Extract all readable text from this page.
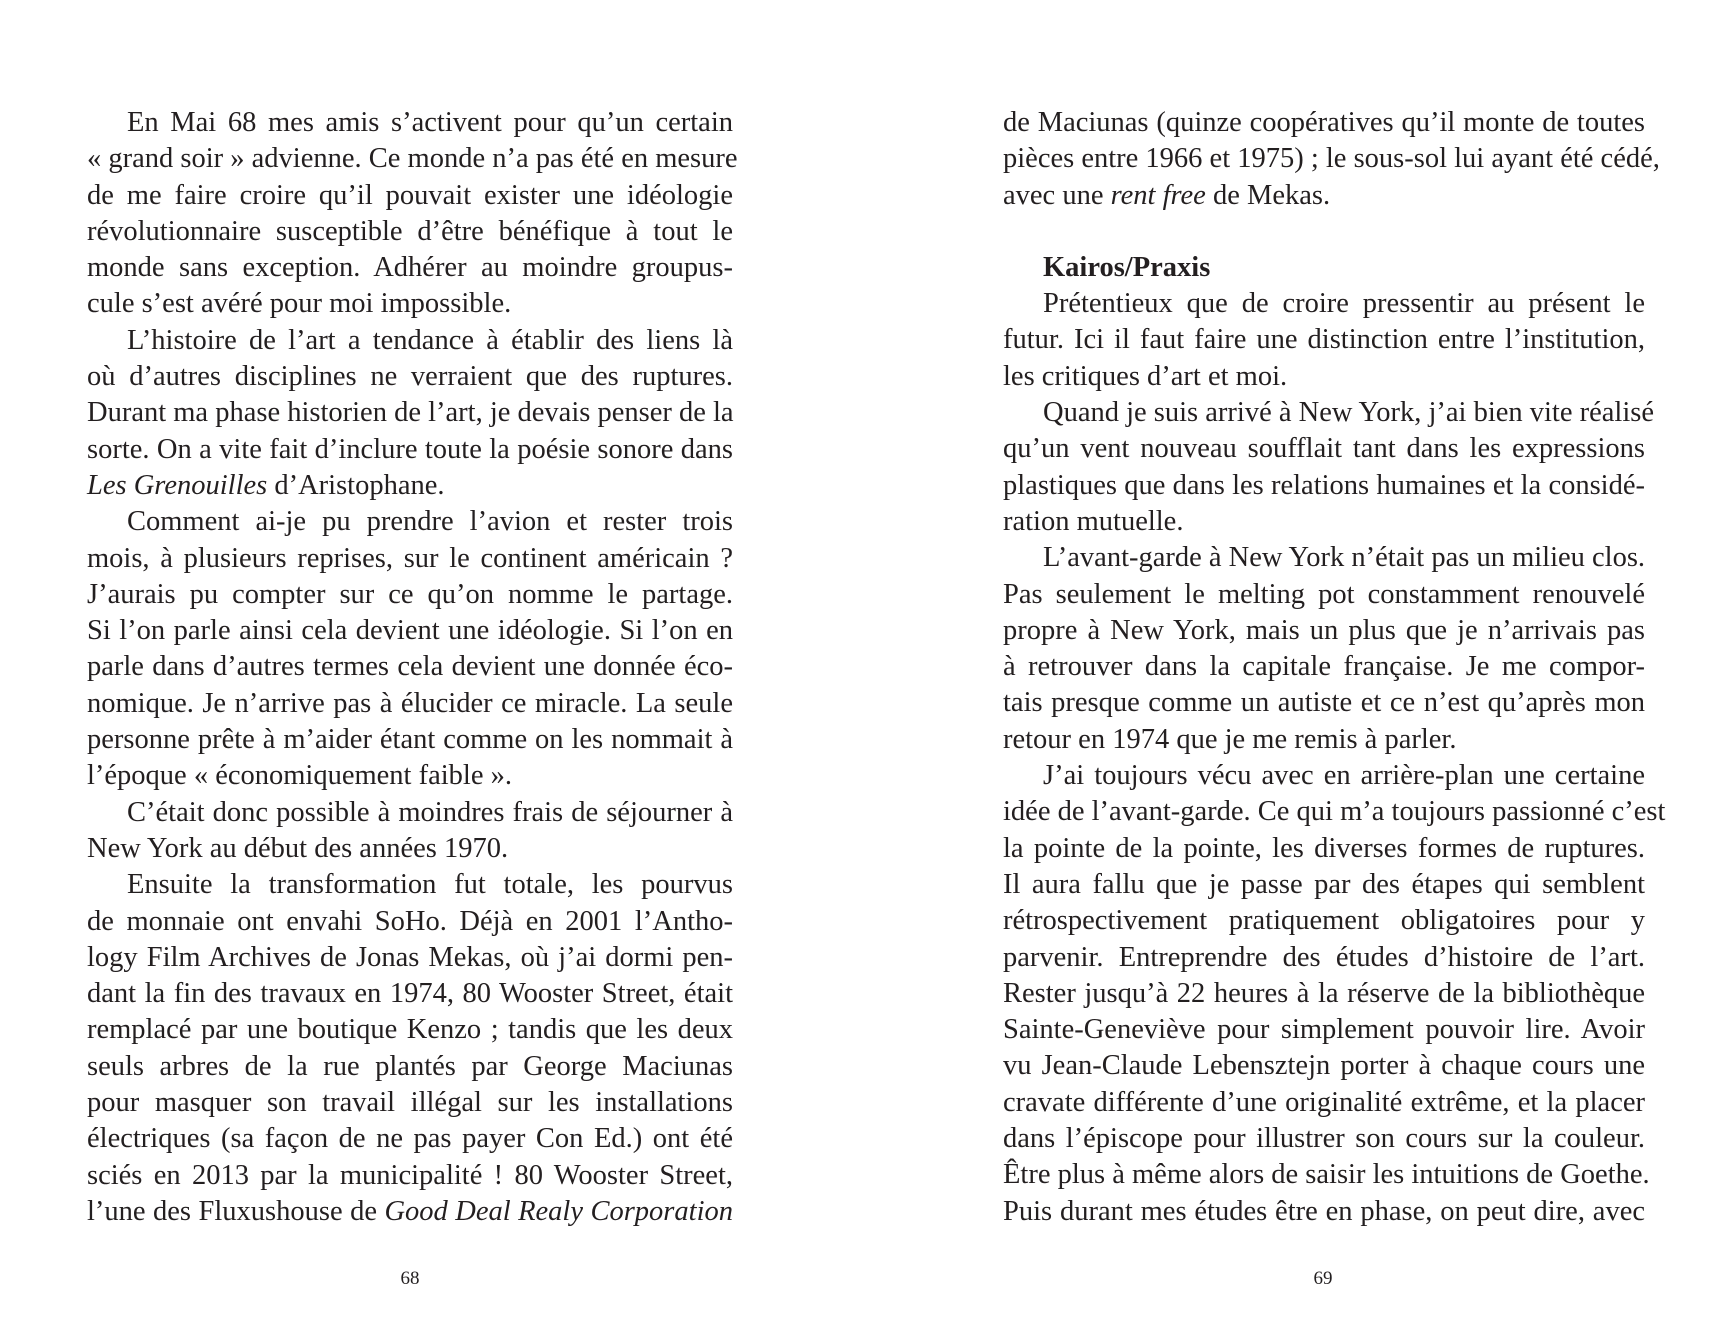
En Mai 68 mes amis s’activent pour qu’un certain
« grand soir » advienne. Ce monde n’a pas été en mesure
de me faire croire qu’il pouvait exister une idéologie
révolutionnaire susceptible d’être bénéfique à tout le
monde sans exception. Adhérer au moindre groupus-
cule s’est avéré pour moi impossible.
L’histoire de l’art a tendance à établir des liens là
où d’autres disciplines ne verraient que des ruptures.
Durant ma phase historien de l’art, je devais penser de la
sorte. On a vite fait d’inclure toute la poésie sonore dans
Les Grenouilles d’Aristophane.
Comment ai-je pu prendre l’avion et rester trois
mois, à plusieurs reprises, sur le continent américain ?
J’aurais pu compter sur ce qu’on nomme le partage.
Si l’on parle ainsi cela devient une idéologie. Si l’on en
parle dans d’autres termes cela devient une donnée éco-
nomique. Je n’arrive pas à élucider ce miracle. La seule
personne prête à m’aider étant comme on les nommait à
l’époque « économiquement faible ».
C’était donc possible à moindres frais de séjourner à
New York au début des années 1970.
Ensuite la transformation fut totale, les pourvus
de monnaie ont envahi SoHo. Déjà en 2001 l’Antho-
logy Film Archives de Jonas Mekas, où j’ai dormi pen-
dant la fin des travaux en 1974, 80 Wooster Street, était
remplacé par une boutique Kenzo ; tandis que les deux
seuls arbres de la rue plantés par George Maciunas
pour masquer son travail illégal sur les installations
électriques (sa façon de ne pas payer Con Ed.) ont été
sciés en 2013 par la municipalité ! 80 Wooster Street,
l’une des Fluxushouse de Good Deal Realy Corporation
68
de Maciunas (quinze coopératives qu’il monte de toutes
pièces entre 1966 et 1975) ; le sous-sol lui ayant été cédé,
avec une rent free de Mekas.
Kairos/Praxis
Prétentieux que de croire pressentir au présent le
futur. Ici il faut faire une distinction entre l’institution,
les critiques d’art et moi.
Quand je suis arrivé à New York, j’ai bien vite réalisé
qu’un vent nouveau soufflait tant dans les expressions
plastiques que dans les relations humaines et la considé-
ration mutuelle.
L’avant-garde à New York n’était pas un milieu clos.
Pas seulement le melting pot constamment renouvelé
propre à New York, mais un plus que je n’arrivais pas
à retrouver dans la capitale française. Je me compor-
tais presque comme un autiste et ce n’est qu’après mon
retour en 1974 que je me remis à parler.
J’ai toujours vécu avec en arrière-plan une certaine
idée de l’avant-garde. Ce qui m’a toujours passionné c’est
la pointe de la pointe, les diverses formes de ruptures.
Il aura fallu que je passe par des étapes qui semblent
rétrospectivement pratiquement obligatoires pour y
parvenir. Entreprendre des études d’histoire de l’art.
Rester jusqu’à 22 heures à la réserve de la bibliothèque
Sainte-Geneviève pour simplement pouvoir lire. Avoir
vu Jean-Claude Lebensztejn porter à chaque cours une
cravate différente d’une originalité extrême, et la placer
dans l’épiscope pour illustrer son cours sur la couleur.
Être plus à même alors de saisir les intuitions de Goethe.
Puis durant mes études être en phase, on peut dire, avec
69
